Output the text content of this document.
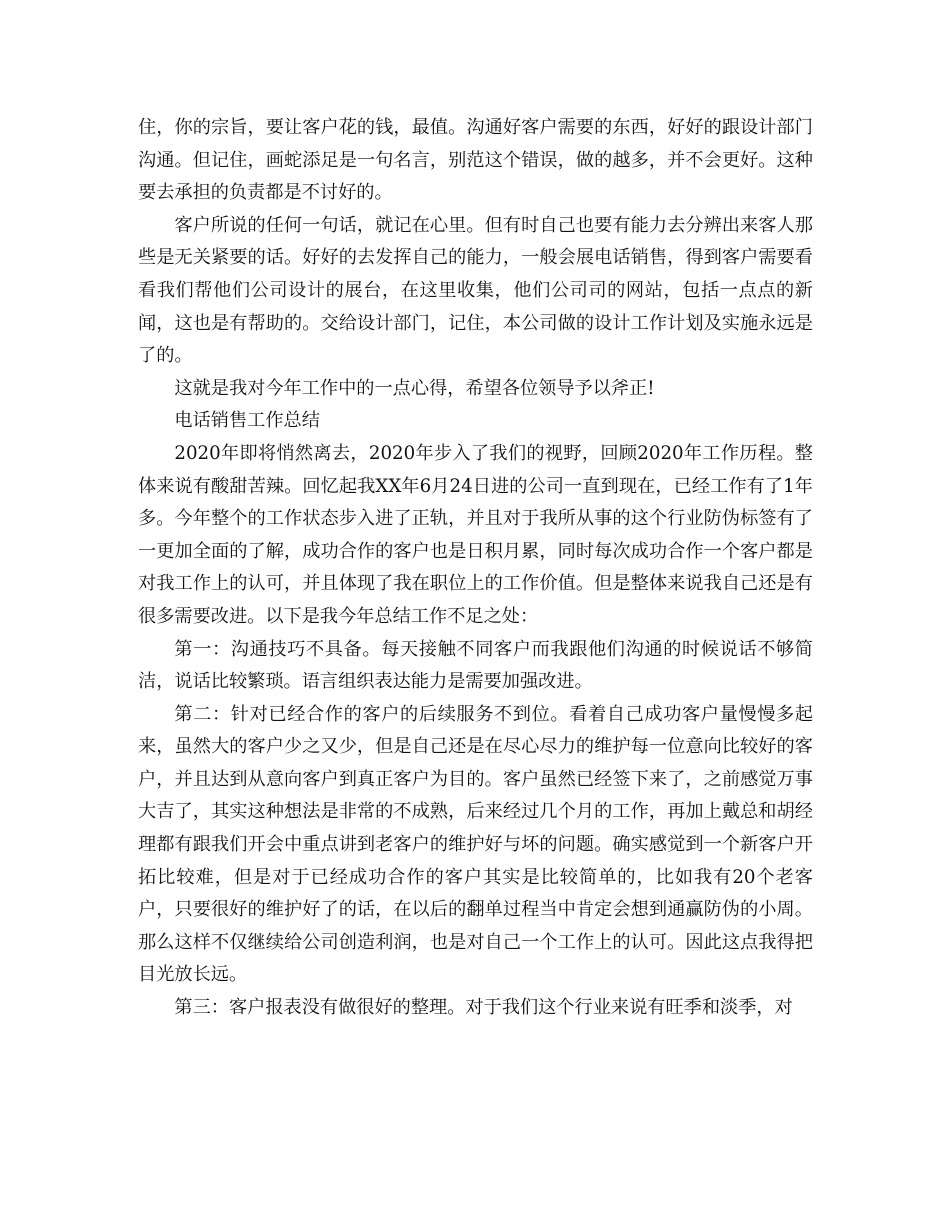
住，你的宗旨，要让客户花的钱，最值。沟通好客户需要的东西，好好的跟设计部门沟通。但记住，画蛇添足是一句名言，别范这个错误，做的越多，并不会更好。这种要去承担的负责都是不讨好的。

客户所说的任何一句话，就记在心里。但有时自己也要有能力去分辨出来客人那些是无关紧要的话。好好的去发挥自己的能力，一般会展电话销售，得到客户需要看看我们帮他们公司设计的展台，在这里收集，他们公司司的网站，包括一点点的新闻，这也是有帮助的。交给设计部门，记住，本公司做的设计工作计划及实施永远是了的。

这就是我对今年工作中的一点心得，希望各位领导予以斧正!

电话销售工作总结

2020年即将悄然离去，2020年步入了我们的视野，回顾2020年工作历程。整体来说有酸甜苦辣。回忆起我XX年6月24日进的公司一直到现在，已经工作有了1年多。今年整个的工作状态步入进了正轨，并且对于我所从事的这个行业防伪标签有了一更加全面的了解，成功合作的客户也是日积月累，同时每次成功合作一个客户都是对我工作上的认可，并且体现了我在职位上的工作价值。但是整体来说我自己还是有很多需要改进。以下是我今年总结工作不足之处：

第一：沟通技巧不具备。每天接触不同客户而我跟他们沟通的时候说话不够简洁，说话比较繁琐。语言组织表达能力是需要加强改进。

第二：针对已经合作的客户的后续服务不到位。看着自己成功客户量慢慢多起来，虽然大的客户少之又少，但是自己还是在尽心尽力的维护每一位意向比较好的客户，并且达到从意向客户到真正客户为目的。客户虽然已经签下来了，之前感觉万事大吉了，其实这种想法是非常的不成熟，后来经过几个月的工作，再加上戴总和胡经理都有跟我们开会中重点讲到老客户的维护好与坏的问题。确实感觉到一个新客户开拓比较难，但是对于已经成功合作的客户其实是比较简单的，比如我有20个老客户，只要很好的维护好了的话，在以后的翻单过程当中肯定会想到通赢防伪的小周。那么这样不仅继续给公司创造利润，也是对自己一个工作上的认可。因此这点我得把目光放长远。

第三：客户报表没有做很好的整理。对于我们这个行业来说有旺季和淡季，对
